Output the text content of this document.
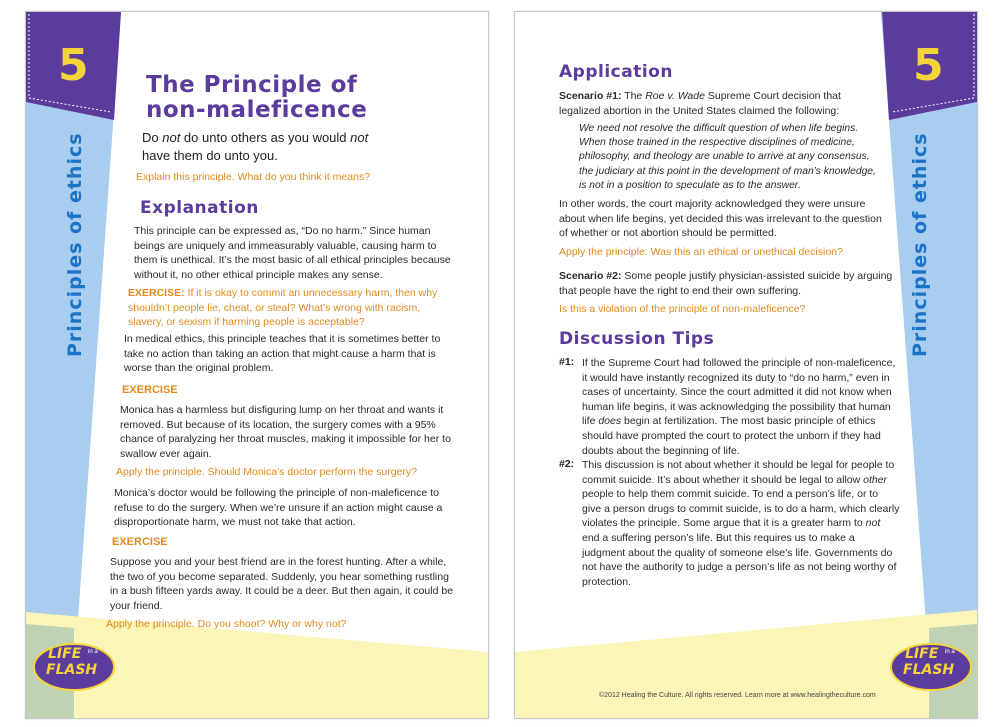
5
Principles of ethics
The Principle of
non-maleficence
Do not do unto others as you would not
have them do unto you.

Explain this principle. What do you think it means?

Explanation

This principle can be expressed as, “Do no harm.” Since human beings are uniquely and immeasurably valuable, causing harm to them is unethical. It’s the most basic of all ethical principles because without it, no other ethical principle makes any sense.

EXERCISE: If it is okay to commit an unnecessary harm, then why shouldn’t people lie, cheat, or steal? What’s wrong with racism, slavery, or sexism if harming people is acceptable?

In medical ethics, this principle teaches that it is sometimes better to take no action than taking an action that might cause a harm that is worse than the original problem.

EXERCISE

Monica has a harmless but disfiguring lump on her throat and wants it removed. But because of its location, the surgery comes with a 95% chance of paralyzing her throat muscles, making it impossible for her to swallow ever again.

Apply the principle. Should Monica’s doctor perform the surgery?

Monica’s doctor would be following the principle of non-maleficence to refuse to do the surgery. When we’re unsure if an action might cause a disproportionate harm, we must not take that action.

EXERCISE

Suppose you and your best friend are in the forest hunting. After a while, the two of you become separated. Suddenly, you hear something rustling in a bush fifteen yards away. It could be a deer. But then again, it could be your friend.

Apply the principle. Do you shoot? Why or why not?

LIFE in a
FLASH
5
Principles of ethics
Application

Scenario #1: The Roe v. Wade Supreme Court decision that legalized abortion in the United States claimed the following:

We need not resolve the difficult question of when life begins. When those trained in the respective disciplines of medicine, philosophy, and theology are unable to arrive at any consensus, the judiciary at this point in the development of man’s knowledge, is not in a position to speculate as to the answer.

In other words, the court majority acknowledged they were unsure about when life begins, yet decided this was irrelevant to the question of whether or not abortion should be permitted.

Apply the principle. Was this an ethical or unethical decision?

Scenario #2: Some people justify physician-assisted suicide by arguing that people have the right to end their own suffering.

Is this a violation of the principle of non-maleficence?

Discussion Tips
#1: If the Supreme Court had followed the principle of non-maleficence, it would have instantly recognized its duty to “do no harm,” even in cases of uncertainty. Since the court admitted it did not know when human life begins, it was acknowledging the possibility that human life does begin at fertilization. The most basic principle of ethics should have prompted the court to protect the unborn if they had doubts about the beginning of life.

#2: This discussion is not about whether it should be legal for people to commit suicide. It’s about whether it should be legal to allow other people to help them commit suicide. To end a person’s life, or to give a person drugs to commit suicide, is to do a harm, which clearly violates the principle. Some argue that it is a greater harm to not end a suffering person’s life. But this requires us to make a judgment about the quality of someone else’s life. Governments do not have the authority to judge a person’s life as not being worthy of protection.

©2012 Healing the Culture. All rights reserved. Learn more at www.healingtheculture.com

LIFE in a
FLASH
